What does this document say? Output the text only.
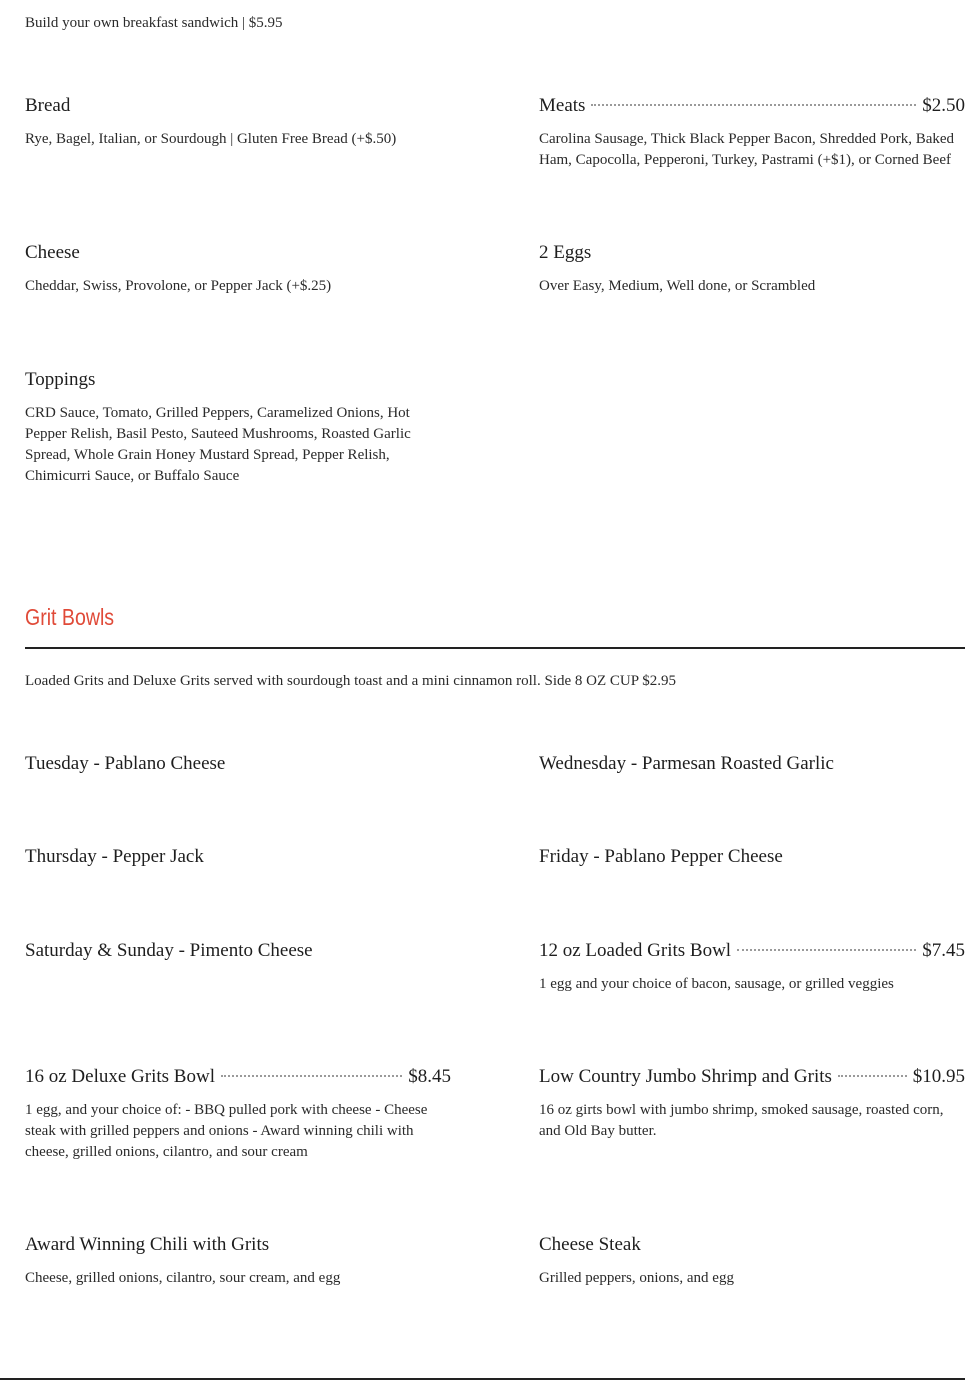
Build your own breakfast sandwich | $5.95
Bread
Rye, Bagel, Italian, or Sourdough | Gluten Free Bread (+$.50)
Meats	$2.50
Carolina Sausage, Thick Black Pepper Bacon, Shredded Pork, Baked Ham, Capocolla, Pepperoni, Turkey, Pastrami (+$1), or Corned Beef
Cheese
Cheddar, Swiss, Provolone, or Pepper Jack (+$.25)
2 Eggs
Over Easy, Medium, Well done, or Scrambled
Toppings
CRD Sauce, Tomato, Grilled Peppers, Caramelized Onions, Hot Pepper Relish, Basil Pesto, Sauteed Mushrooms, Roasted Garlic Spread, Whole Grain Honey Mustard Spread, Pepper Relish, Chimicurri Sauce, or Buffalo Sauce
Grit Bowls
Loaded Grits and Deluxe Grits served with sourdough toast and a mini cinnamon roll. Side 8 OZ CUP $2.95
Tuesday - Pablano Cheese	Wednesday - Parmesan Roasted Garlic
Thursday - Pepper Jack	Friday - Pablano Pepper Cheese
Saturday & Sunday - Pimento Cheese	12 oz Loaded Grits Bowl	$7.45
1 egg and your choice of bacon, sausage, or grilled veggies
16 oz Deluxe Grits Bowl	$8.45
1 egg, and your choice of: - BBQ pulled pork with cheese - Cheese steak with grilled peppers and onions - Award winning chili with cheese, grilled onions, cilantro, and sour cream
Low Country Jumbo Shrimp and Grits	$10.95
16 oz girts bowl with jumbo shrimp, smoked sausage, roasted corn, and Old Bay butter.
Award Winning Chili with Grits
Cheese, grilled onions, cilantro, sour cream, and egg
Cheese Steak
Grilled peppers, onions, and egg
